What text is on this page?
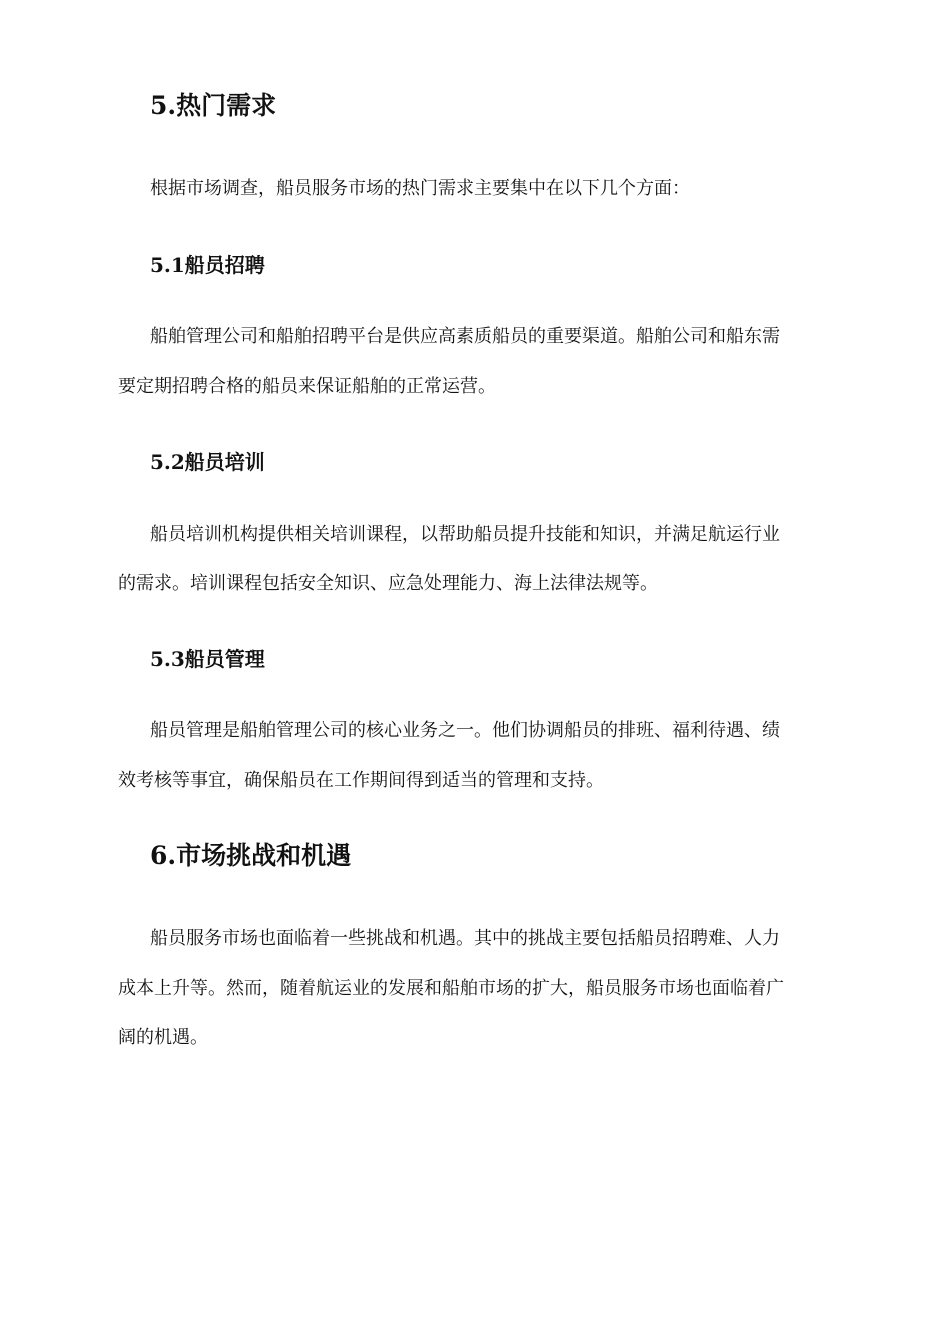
5.热门需求

根据市场调查，船员服务市场的热门需求主要集中在以下几个方面：

5.1船员招聘

船舶管理公司和船舶招聘平台是供应高素质船员的重要渠道。船舶公司和船东需

要定期招聘合格的船员来保证船舶的正常运营。

5.2船员培训

船员培训机构提供相关培训课程，以帮助船员提升技能和知识，并满足航运行业

的需求。培训课程包括安全知识、应急处理能力、海上法律法规等。

5.3船员管理

船员管理是船舶管理公司的核心业务之一。他们协调船员的排班、福利待遇、绩

效考核等事宜，确保船员在工作期间得到适当的管理和支持。

6.市场挑战和机遇

船员服务市场也面临着一些挑战和机遇。其中的挑战主要包括船员招聘难、人力

成本上升等。然而，随着航运业的发展和船舶市场的扩大，船员服务市场也面临着广

阔的机遇。
